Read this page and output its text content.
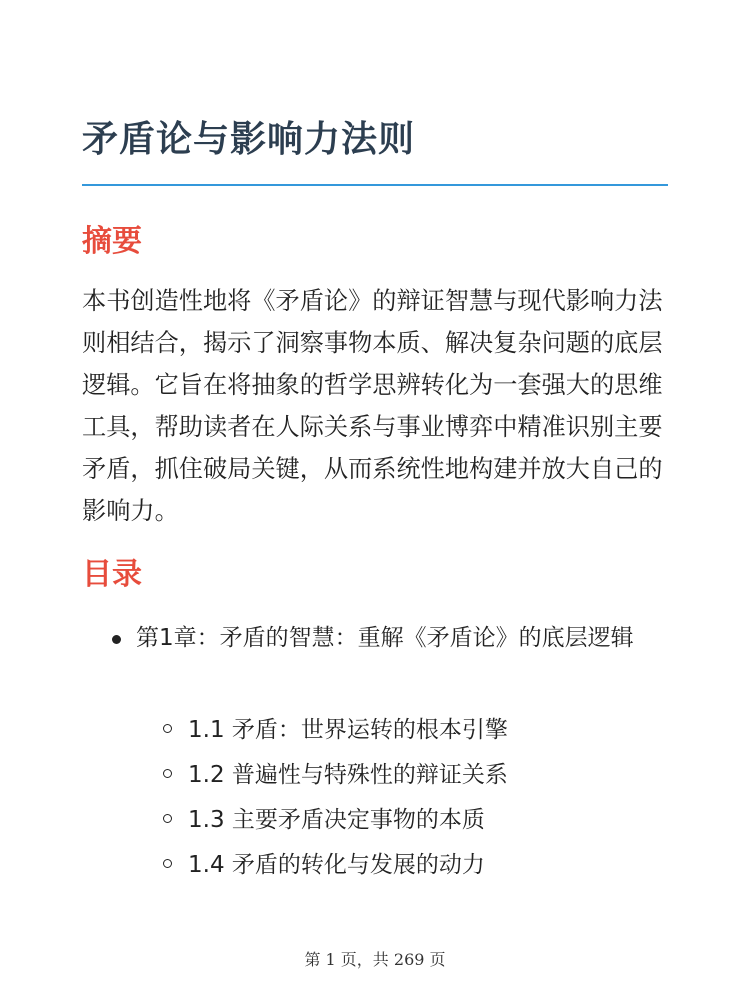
矛盾论与影响力法则
摘要

本书创造性地将《矛盾论》的辩证智慧与现代影响力法则相结合，揭示了洞察事物本质、解决复杂问题的底层逻辑。它旨在将抽象的哲学思辨转化为一套强大的思维工具，帮助读者在人际关系与事业博弈中精准识别主要矛盾，抓住破局关键，从而系统性地构建并放大自己的影响力。

目录
第1章：矛盾的智慧：重解《矛盾论》的底层逻辑
1.1 矛盾：世界运转的根本引擎
1.2 普遍性与特殊性的辩证关系
1.3 主要矛盾决定事物的本质
1.4 矛盾的转化与发展的动力
第 1 页，共 269 页
